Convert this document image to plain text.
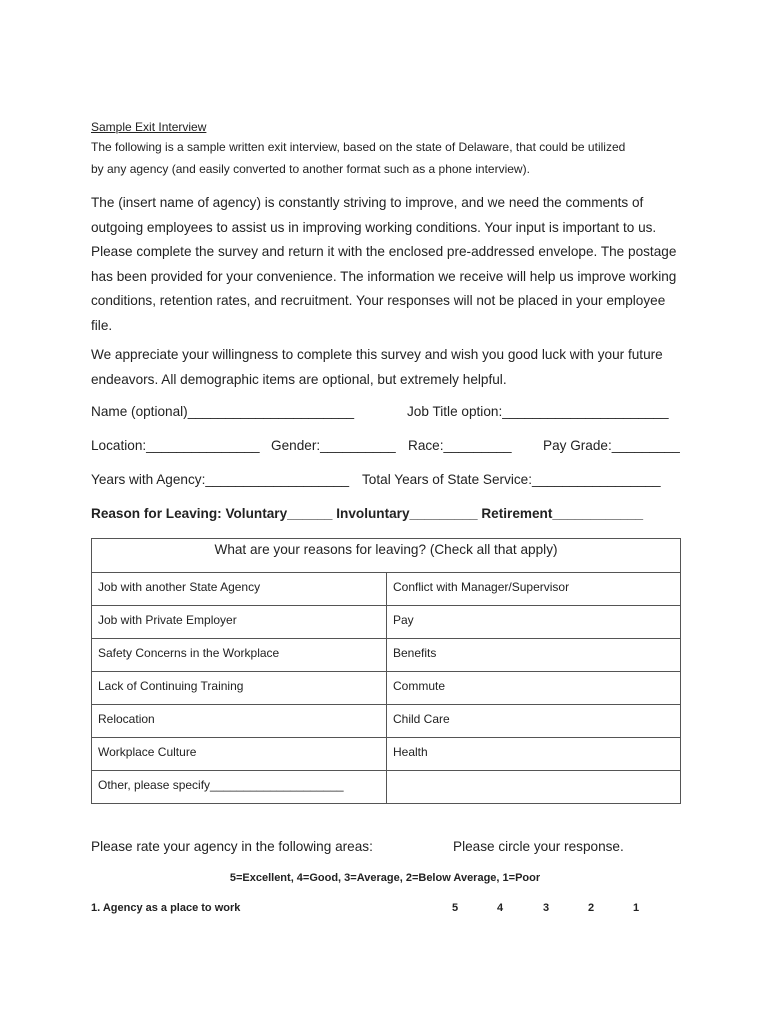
Sample Exit Interview
The following is a sample written exit interview, based on the state of Delaware, that could be utilized
by any agency (and easily converted to another format such as a phone interview).
The (insert name of agency) is constantly striving to improve, and we need the comments of outgoing employees to assist us in improving working conditions. Your input is important to us. Please complete the survey and return it with the enclosed pre-addressed envelope. The postage has been provided for your convenience. The information we receive will help us improve working conditions, retention rates, and recruitment. Your responses will not be placed in your employee file.
We appreciate your willingness to complete this survey and wish you good luck with your future endeavors. All demographic items are optional, but extremely helpful.
Name (optional)______________________	Job Title option:______________________
Location:_______________ Gender:__________ Race:_________ Pay Grade:_________
Years with Agency:___________________ Total Years of State Service:_________________
Reason for Leaving: Voluntary______ Involuntary_________ Retirement____________
What are your reasons for leaving? (Check all that apply)	
Job with another State Agency	Conflict with Manager/Supervisor
Job with Private Employer	Pay
Safety Concerns in the Workplace	Benefits
Lack of Continuing Training	Commute
Relocation	Child Care
Workplace Culture	Health
Other, please specify____________________	
Please rate your agency in the following areas:	Please circle your response.
5=Excellent, 4=Good, 3=Average, 2=Below Average, 1=Poor
1. Agency as a place to work	5	4	3	2	1
